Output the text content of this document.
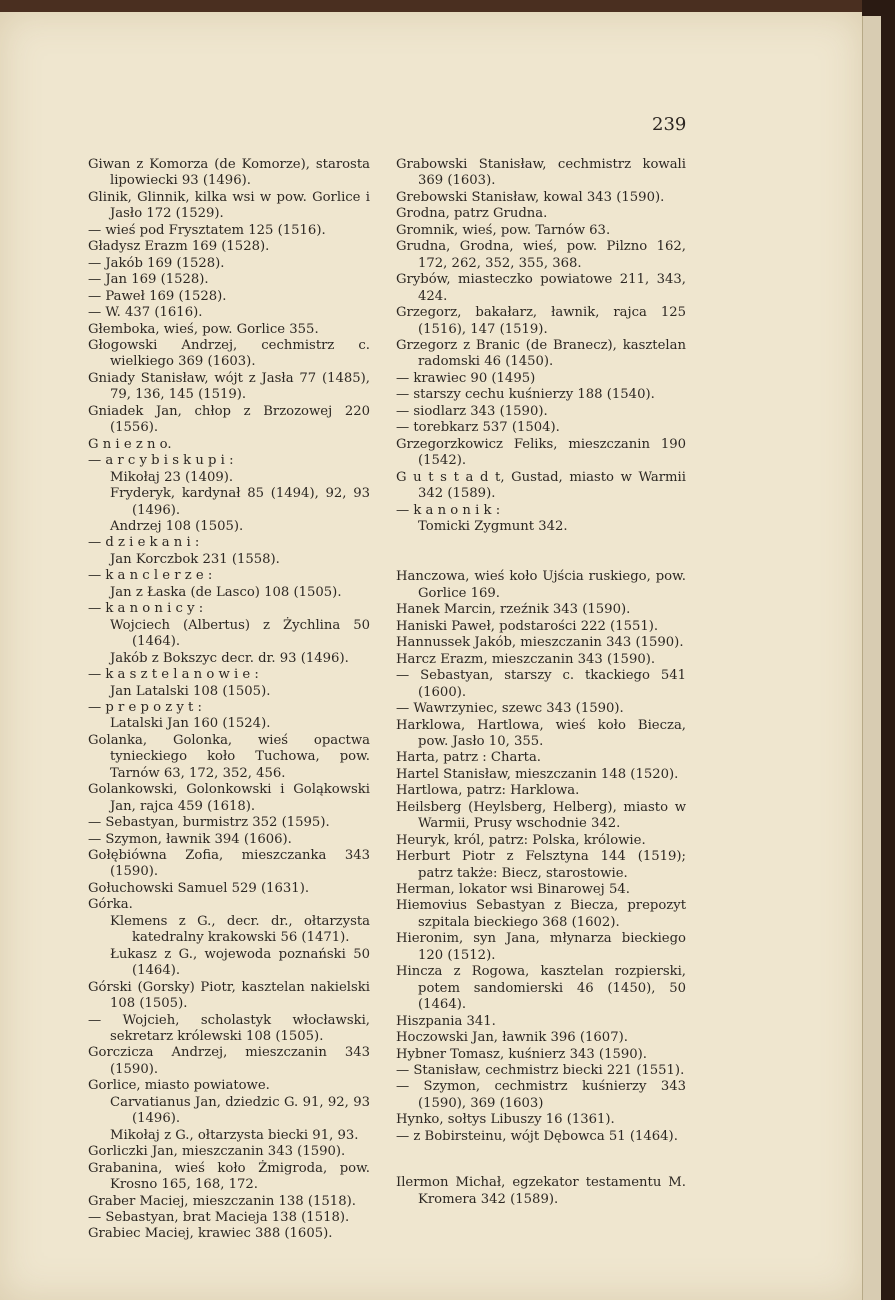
239
Giwan z Komorza (de Komorze), starosta lipowiecki 93 (1496).
Glinik, Glinnik, kilka wsi w pow. Gorlice i Jasło 172 (1529).
— wieś pod Frysztatem 125 (1516).
Gładysz Erazm 169 (1528).
— Jakób 169 (1528).
— Jan 169 (1528).
— Paweł 169 (1528).
— W. 437 (1616).
Głemboka, wieś, pow. Gorlice 355.
Głogowski Andrzej, cechmistrz c. wielkiego 369 (1603).
Gniady Stanisław, wójt z Jasła 77 (1485), 79, 136, 145 (1519).
Gniadek Jan, chłop z Brzozowej 220 (1556).
G n i e z n o.
— a r c y b i s k u p i :
Mikołaj 23 (1409).
Fryderyk, kardynał 85 (1494), 92, 93 (1496).
Andrzej 108 (1505).
— d z i e k a n i :
Jan Korczbok 231 (1558).
— k a n c l e r z e :
Jan z Łaska (de Lasco) 108 (1505).
— k a n o n i c y :
Wojciech (Albertus) z Żychlina 50 (1464).
Jakób z Bokszyc decr. dr. 93 (1496).
— k a s z t e l a n o w i e :
Jan Latalski 108 (1505).
— p r e p o z y t :
Latalski Jan 160 (1524).
Golanka, Golonka, wieś opactwa tynieckiego koło Tuchowa, pow. Tarnów 63, 172, 352, 456.
Golankowski, Golonkowski i Goląkowski Jan, rajca 459 (1618).
— Sebastyan, burmistrz 352 (1595).
— Szymon, ławnik 394 (1606).
Gołębiówna Zofia, mieszczanka 343 (1590).
Gołuchowski Samuel 529 (1631).
Górka.
Klemens z G., decr. dr., ołtarzysta katedralny krakowski 56 (1471).
Łukasz z G., wojewoda poznański 50 (1464).
Górski (Gorsky) Piotr, kasztelan nakielski 108 (1505).
— Wojcieh, scholastyk włocławski, sekretarz królewski 108 (1505).
Gorczicza Andrzej, mieszczanin 343 (1590).
Gorlice, miasto powiatowe.
Carvatianus Jan, dziedzic G. 91, 92, 93 (1496).
Mikołaj z G., ołtarzysta biecki 91, 93.
Gorliczki Jan, mieszczanin 343 (1590).
Grabanina, wieś koło Żmigroda, pow. Krosno 165, 168, 172.
Graber Maciej, mieszczanin 138 (1518).
— Sebastyan, brat Macieja 138 (1518).
Grabiec Maciej, krawiec 388 (1605).
Grabowski Stanisław, cechmistrz kowali 369 (1603).
Grebowski Stanisław, kowal 343 (1590).
Grodna, patrz Grudna.
Gromnik, wieś, pow. Tarnów 63.
Grudna, Grodna, wieś, pow. Pilzno 162, 172, 262, 352, 355, 368.
Grybów, miasteczko powiatowe 211, 343, 424.
Grzegorz, bakałarz, ławnik, rajca 125 (1516), 147 (1519).
Grzegorz z Branic (de Branecz), kasztelan radomski 46 (1450).
— krawiec 90 (1495)
— starszy cechu kuśnierzy 188 (1540).
— siodlarz 343 (1590).
— torebkarz 537 (1504).
Grzegorzkowicz Feliks, mieszczanin 190 (1542).
G u t s t a d t, Gustad, miasto w Warmii 342 (1589).
— k a n o n i k :
Tomicki Zygmunt 342.
Hanczowa, wieś koło Ujścia ruskiego, pow. Gorlice 169.
Hanek Marcin, rzeźnik 343 (1590).
Haniski Paweł, podstarości 222 (1551).
Hannussek Jakób, mieszczanin 343 (1590).
Harcz Erazm, mieszczanin 343 (1590).
— Sebastyan, starszy c. tkackiego 541 (1600).
— Wawrzyniec, szewc 343 (1590).
Harklowa, Hartlowa, wieś koło Biecza, pow. Jasło 10, 355.
Harta, patrz : Charta.
Hartel Stanisław, mieszczanin 148 (1520).
Hartlowa, patrz: Harklowa.
Heilsberg (Heylsberg, Helberg), miasto w Warmii, Prusy wschodnie 342.
Heuryk, król, patrz: Polska, królowie.
Herburt Piotr z Felsztyna 144 (1519); patrz także: Biecz, starostowie.
Herman, lokator wsi Binarowej 54.
Hiemovius Sebastyan z Biecza, prepozyt szpitala bieckiego 368 (1602).
Hieronim, syn Jana, młynarza bieckiego 120 (1512).
Hincza z Rogowa, kasztelan rozpierski, potem sandomierski 46 (1450), 50 (1464).
Hiszpania 341.
Hoczowski Jan, ławnik 396 (1607).
Hybner Tomasz, kuśnierz 343 (1590).
— Stanisław, cechmistrz biecki 221 (1551).
— Szymon, cechmistrz kuśnierzy 343 (1590), 369 (1603)
Hynko, sołtys Libuszy 16 (1361).
— z Bobirsteinu, wójt Dębowca 51 (1464).
Ilermon Michał, egzekator testamentu M. Kromera 342 (1589).
